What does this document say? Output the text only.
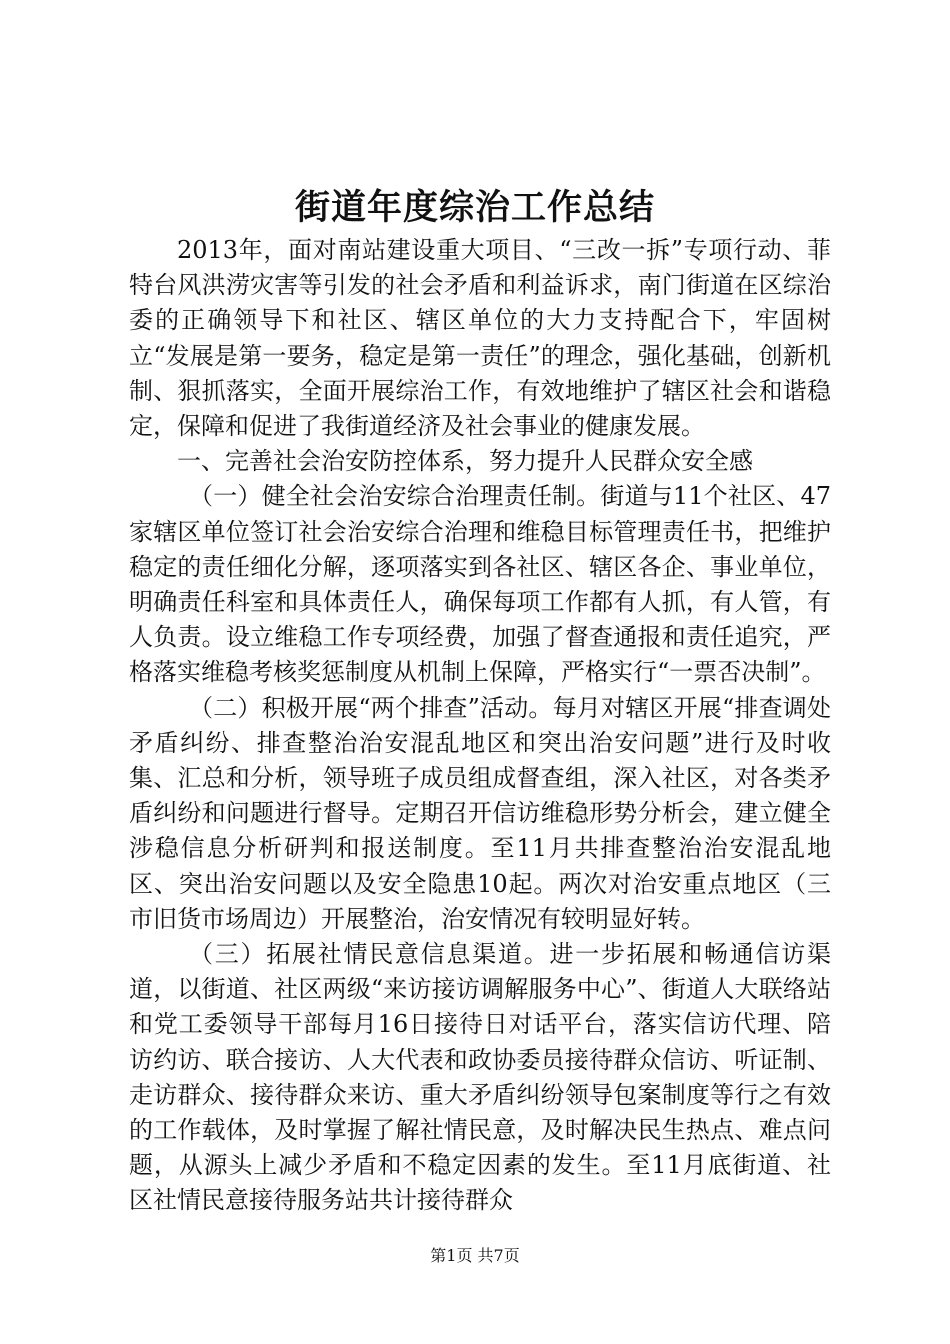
街道年度综治工作总结

2013年，面对南站建设重大项目、“三改一拆”专项行动、菲特台风洪涝灾害等引发的社会矛盾和利益诉求，南门街道在区综治委的正确领导下和社区、辖区单位的大力支持配合下，牢固树立“发展是第一要务，稳定是第一责任”的理念，强化基础，创新机制、狠抓落实，全面开展综治工作，有效地维护了辖区社会和谐稳定，保障和促进了我街道经济及社会事业的健康发展。

一、完善社会治安防控体系，努力提升人民群众安全感

（一）健全社会治安综合治理责任制。街道与11个社区、47家辖区单位签订社会治安综合治理和维稳目标管理责任书，把维护稳定的责任细化分解，逐项落实到各社区、辖区各企、事业单位，明确责任科室和具体责任人，确保每项工作都有人抓，有人管，有人负责。设立维稳工作专项经费，加强了督查通报和责任追究，严格落实维稳考核奖惩制度从机制上保障，严格实行“一票否决制”。

（二）积极开展“两个排查”活动。每月对辖区开展“排查调处矛盾纠纷、排查整治治安混乱地区和突出治安问题”进行及时收集、汇总和分析，领导班子成员组成督查组，深入社区，对各类矛盾纠纷和问题进行督导。定期召开信访维稳形势分析会，建立健全涉稳信息分析研判和报送制度。至11月共排查整治治安混乱地区、突出治安问题以及安全隐患10起。两次对治安重点地区（三市旧货市场周边）开展整治，治安情况有较明显好转。

（三）拓展社情民意信息渠道。进一步拓展和畅通信访渠道，以街道、社区两级“来访接访调解服务中心”、街道人大联络站和党工委领导干部每月16日接待日对话平台，落实信访代理、陪访约访、联合接访、人大代表和政协委员接待群众信访、听证制、走访群众、接待群众来访、重大矛盾纠纷领导包案制度等行之有效的工作载体，及时掌握了解社情民意，及时解决民生热点、难点问题，从源头上减少矛盾和不稳定因素的发生。至11月底街道、社区社情民意接待服务站共计接待群众

第1页 共7页
